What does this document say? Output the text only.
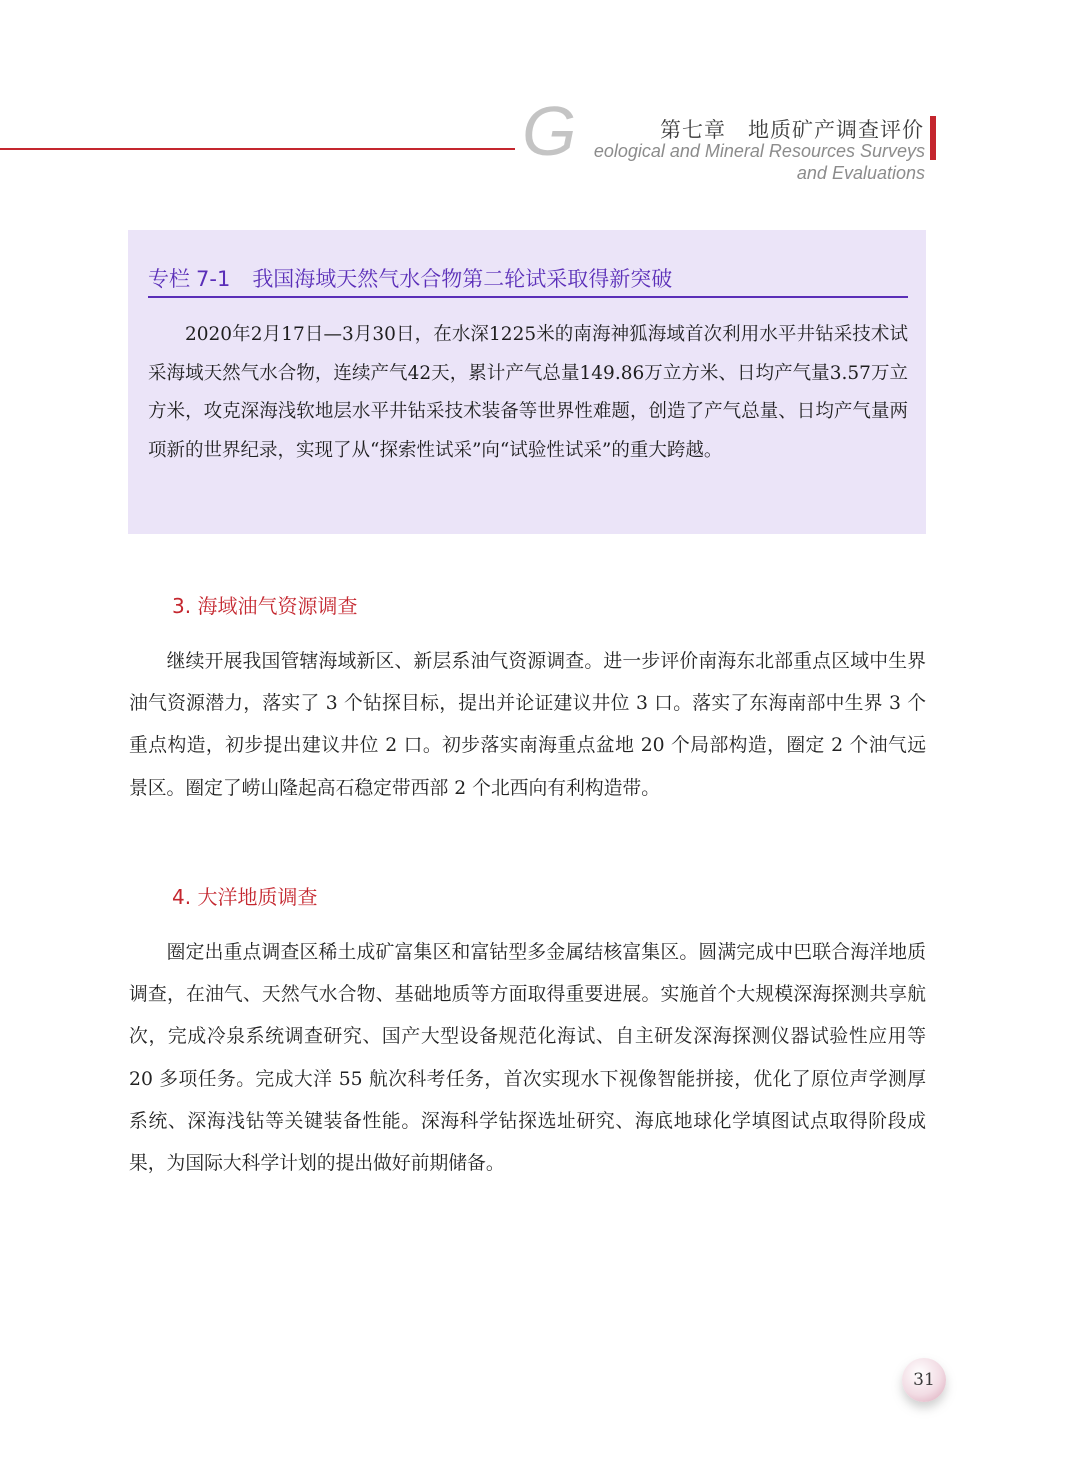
G	第七章　地质矿产调查评价
eological and Mineral Resources Surveys
and Evaluations
专栏 7-1 我国海域天然气水合物第二轮试采取得新突破

2020年2月17日—3月30日，在水深1225米的南海神狐海域首次利用水平井钻采技术试采海域天然气水合物，连续产气42天，累计产气总量149.86万立方米、日均产气量3.57万立方米，攻克深海浅软地层水平井钻采技术装备等世界性难题，创造了产气总量、日均产气量两项新的世界纪录，实现了从“探索性试采”向“试验性试采”的重大跨越。

3. 海域油气资源调查

继续开展我国管辖海域新区、新层系油气资源调查。进一步评价南海东北部重点区域中生界油气资源潜力，落实了 3 个钻探目标，提出并论证建议井位 3 口。落实了东海南部中生界 3 个重点构造，初步提出建议井位 2 口。初步落实南海重点盆地 20 个局部构造，圈定 2 个油气远景区。圈定了崂山隆起高石稳定带西部 2 个北西向有利构造带。

4. 大洋地质调查

圈定出重点调查区稀土成矿富集区和富钴型多金属结核富集区。圆满完成中巴联合海洋地质调查，在油气、天然气水合物、基础地质等方面取得重要进展。实施首个大规模深海探测共享航次，完成冷泉系统调查研究、国产大型设备规范化海试、自主研发深海探测仪器试验性应用等 20 多项任务。完成大洋 55 航次科考任务，首次实现水下视像智能拼接，优化了原位声学测厚系统、深海浅钻等关键装备性能。深海科学钻探选址研究、海底地球化学填图试点取得阶段成果，为国际大科学计划的提出做好前期储备。

31
